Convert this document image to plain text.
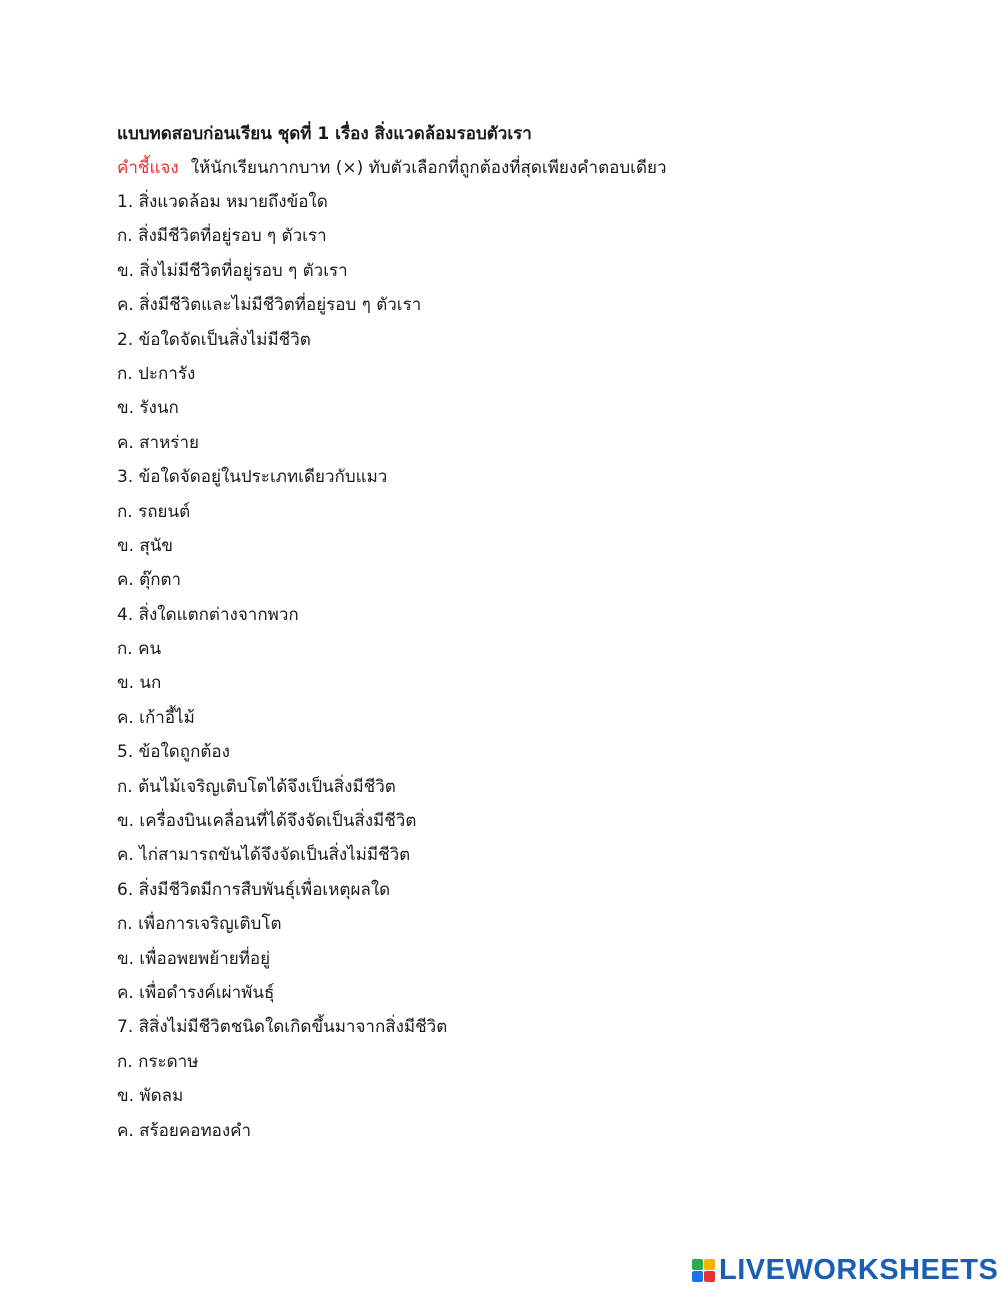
แบบทดสอบก่อนเรียน ชุดที่ 1 เรื่อง สิ่งแวดล้อมรอบตัวเรา
คำชี้แจง ให้นักเรียนกากบาท (×) ทับตัวเลือกที่ถูกต้องที่สุดเพียงคำตอบเดียว
1. สิ่งแวดล้อม หมายถึงข้อใด
ก. สิ่งมีชีวิตที่อยู่รอบ ๆ ตัวเรา
ข. สิ่งไม่มีชีวิตที่อยู่รอบ ๆ ตัวเรา
ค. สิ่งมีชีวิตและไม่มีชีวิตที่อยู่รอบ ๆ ตัวเรา
2. ข้อใดจัดเป็นสิ่งไม่มีชีวิต
ก. ปะการัง
ข. รังนก
ค. สาหร่าย
3. ข้อใดจัดอยู่ในประเภทเดียวกับแมว
ก. รถยนต์
ข. สุนัข
ค. ตุ๊กตา
4. สิ่งใดแตกต่างจากพวก
ก. คน
ข. นก
ค. เก้าอี้ไม้
5. ข้อใดถูกต้อง
ก. ต้นไม้เจริญเติบโตได้จึงเป็นสิ่งมีชีวิต
ข. เครื่องบินเคลื่อนที่ได้จึงจัดเป็นสิ่งมีชีวิต
ค. ไก่สามารถขันได้จึงจัดเป็นสิ่งไม่มีชีวิต
6. สิ่งมีชีวิตมีการสืบพันธุ์เพื่อเหตุผลใด
ก. เพื่อการเจริญเติบโต
ข. เพื่ออพยพย้ายที่อยู่
ค. เพื่อดำรงค์เผ่าพันธุ์
7. สิสิ่งไม่มีชีวิตชนิดใดเกิดขึ้นมาจากสิ่งมีชีวิต
ก. กระดาษ
ข. พัดลม
ค. สร้อยคอทองคำ
LIVEWORKSHEETS
